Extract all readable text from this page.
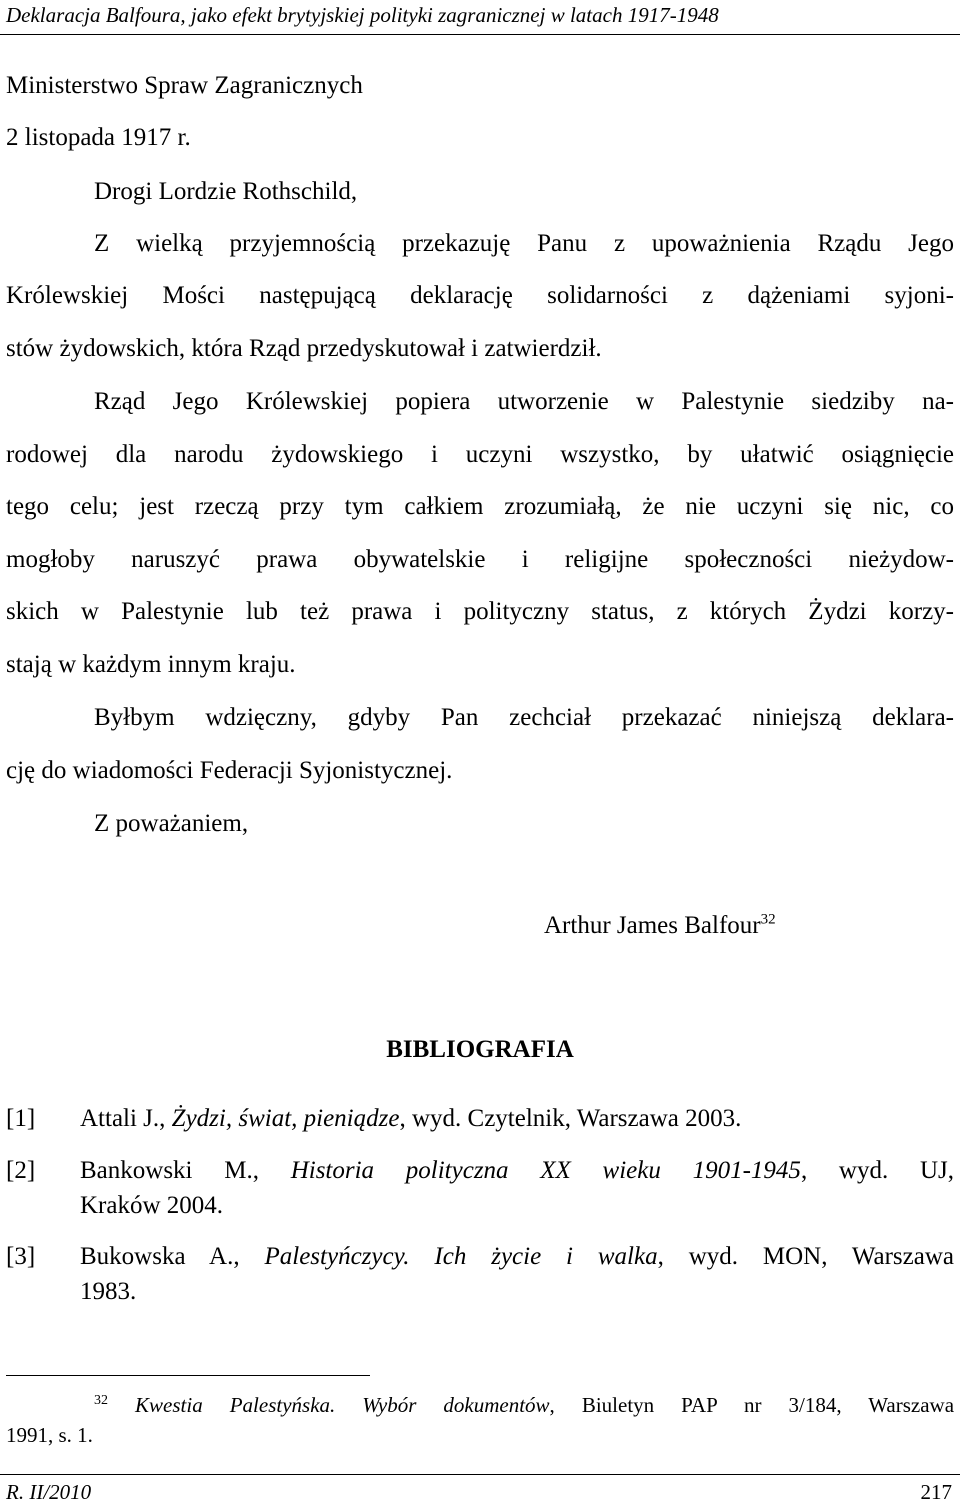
Deklaracja Balfoura, jako efekt brytyjskiej polityki zagranicznej w latach 1917-1948
Ministerstwo Spraw Zagranicznych
2 listopada 1917 r.
Drogi Lordzie Rothschild,
Z wielką przyjemnością przekazuję Panu z upoważnienia Rządu Jego
Królewskiej Mości następującą deklarację solidarności z dążeniami syjoni-
stów żydowskich, która Rząd przedyskutował i zatwierdził.
Rząd Jego Królewskiej popiera utworzenie w Palestynie siedziby na-
rodowej dla narodu żydowskiego i uczyni wszystko, by ułatwić osiągnięcie
tego celu; jest rzeczą przy tym całkiem zrozumiałą, że nie uczyni się nic, co
mogłoby naruszyć prawa obywatelskie i religijne społeczności nieżydow-
skich w Palestynie lub też prawa i polityczny status, z których Żydzi korzy-
stają w każdym innym kraju.
Byłbym wdzięczny, gdyby Pan zechciał przekazać niniejszą deklara-
cję do wiadomości Federacji Syjonistycznej.
Z poważaniem,
Arthur James Balfour$^{32}$
BIBLIOGRAFIA
[1] Attali J., Żydzi, świat, pieniądze, wyd. Czytelnik, Warszawa 2003.
[2] Bankowski M., Historia polityczna XX wieku 1901-1945, wyd. UJ,
Kraków 2004.
[3] Bukowska A., Palestyńczycy. Ich życie i walka, wyd. MON, Warszawa
1983.
$^{32}$ Kwestia Palestyńska. Wybór dokumentów, Biuletyn PAP nr 3/184, Warszawa
1991, s. 1.
R. II/2010	217
